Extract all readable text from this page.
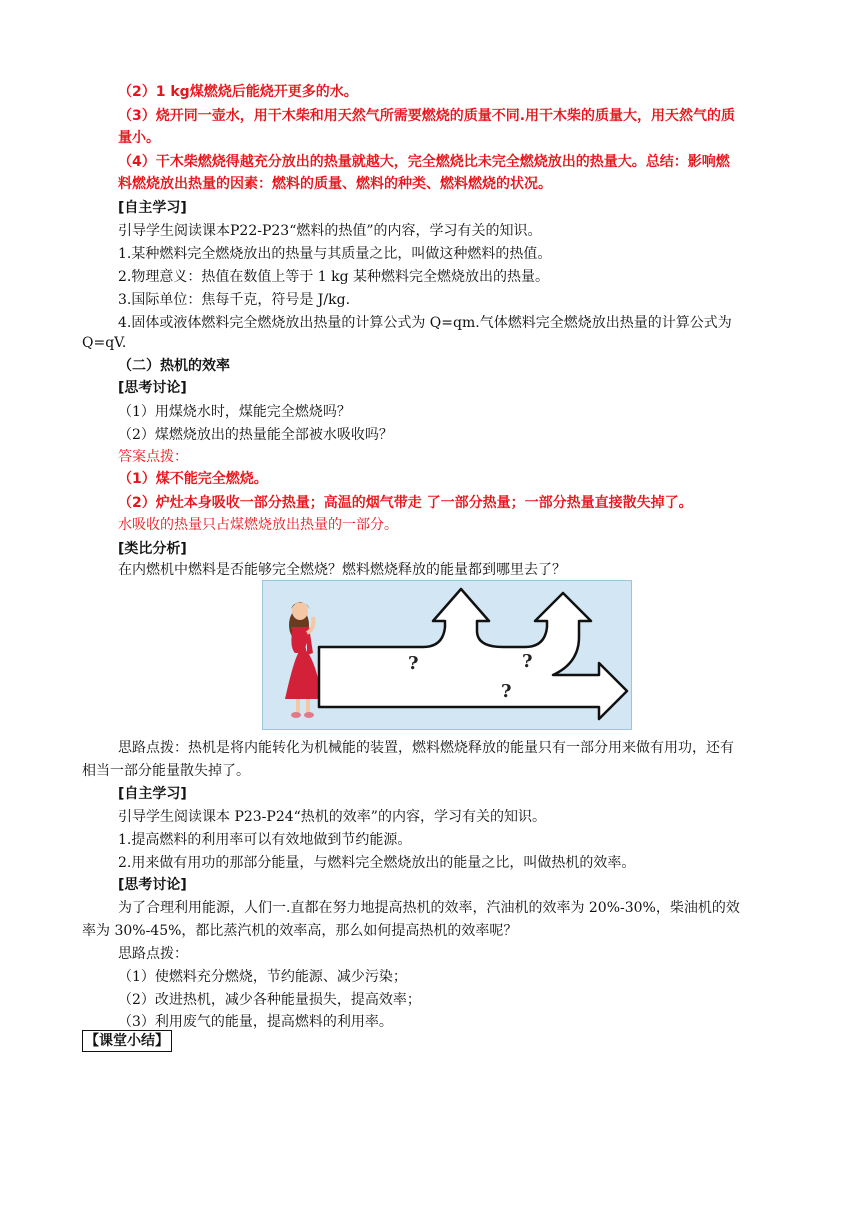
（2）1 kg煤燃烧后能烧开更多的水。
（3）烧开同一壶水，用干木柴和用天然气所需要燃烧的质量不同.用干木柴的质量大，用天然气的质
量小。
（4）干木柴燃烧得越充分放出的热量就越大，完全燃烧比未完全燃烧放出的热量大。总结：影响燃
料燃烧放出热量的因素：燃料的质量、燃料的种类、燃料燃烧的状况。
[自主学习]
引导学生阅读课本P22-P23“燃料的热值”的内容，学习有关的知识。
1.某种燃料完全燃烧放出的热量与其质量之比，叫做这种燃料的热值。
2.物理意义：热值在数值上等于 1 kg 某种燃料完全燃烧放出的热量。
3.国际单位：焦每千克，符号是 J/kg.
4.固体或液体燃料完全燃烧放出热量的计算公式为 Q=qm.气体燃料完全燃烧放出热量的计算公式为
Q=qV.
（二）热机的效率
[思考讨论]
（1）用煤烧水时，煤能完全燃烧吗？
（2）煤燃烧放出的热量能全部被水吸收吗？
答案点拨：
（1）煤不能完全燃烧。
（2）炉灶本身吸收一部分热量；高温的烟气带走 了一部分热量；一部分热量直接散失掉了。
水吸收的热量只占煤燃烧放出热量的一部分。
[类比分析]
在内燃机中燃料是否能够完全燃烧？燃料燃烧释放的能量都到哪里去了？
?	?
?
思路点拨：热机是将内能转化为机械能的装置，燃料燃烧释放的能量只有一部分用来做有用功，还有
相当一部分能量散失掉了。
[自主学习]
引导学生阅读课本 P23-P24“热机的效率”的内容，学习有关的知识。
1.提高燃料的利用率可以有效地做到节约能源。
2.用来做有用功的那部分能量，与燃料完全燃烧放出的能量之比，叫做热机的效率。
[思考讨论]
为了合理利用能源，人们一.直都在努力地提高热机的效率，汽油机的效率为 20%-30%，柴油机的效
率为 30%-45%，都比蒸汽机的效率高，那么如何提高热机的效率呢？
思路点拨：
（1）使燃料充分燃烧，节约能源、减少污染；
（2）改进热机，减少各种能量损失，提高效率；
（3）利用废气的能量，提高燃料的利用率。
【课堂小结】
